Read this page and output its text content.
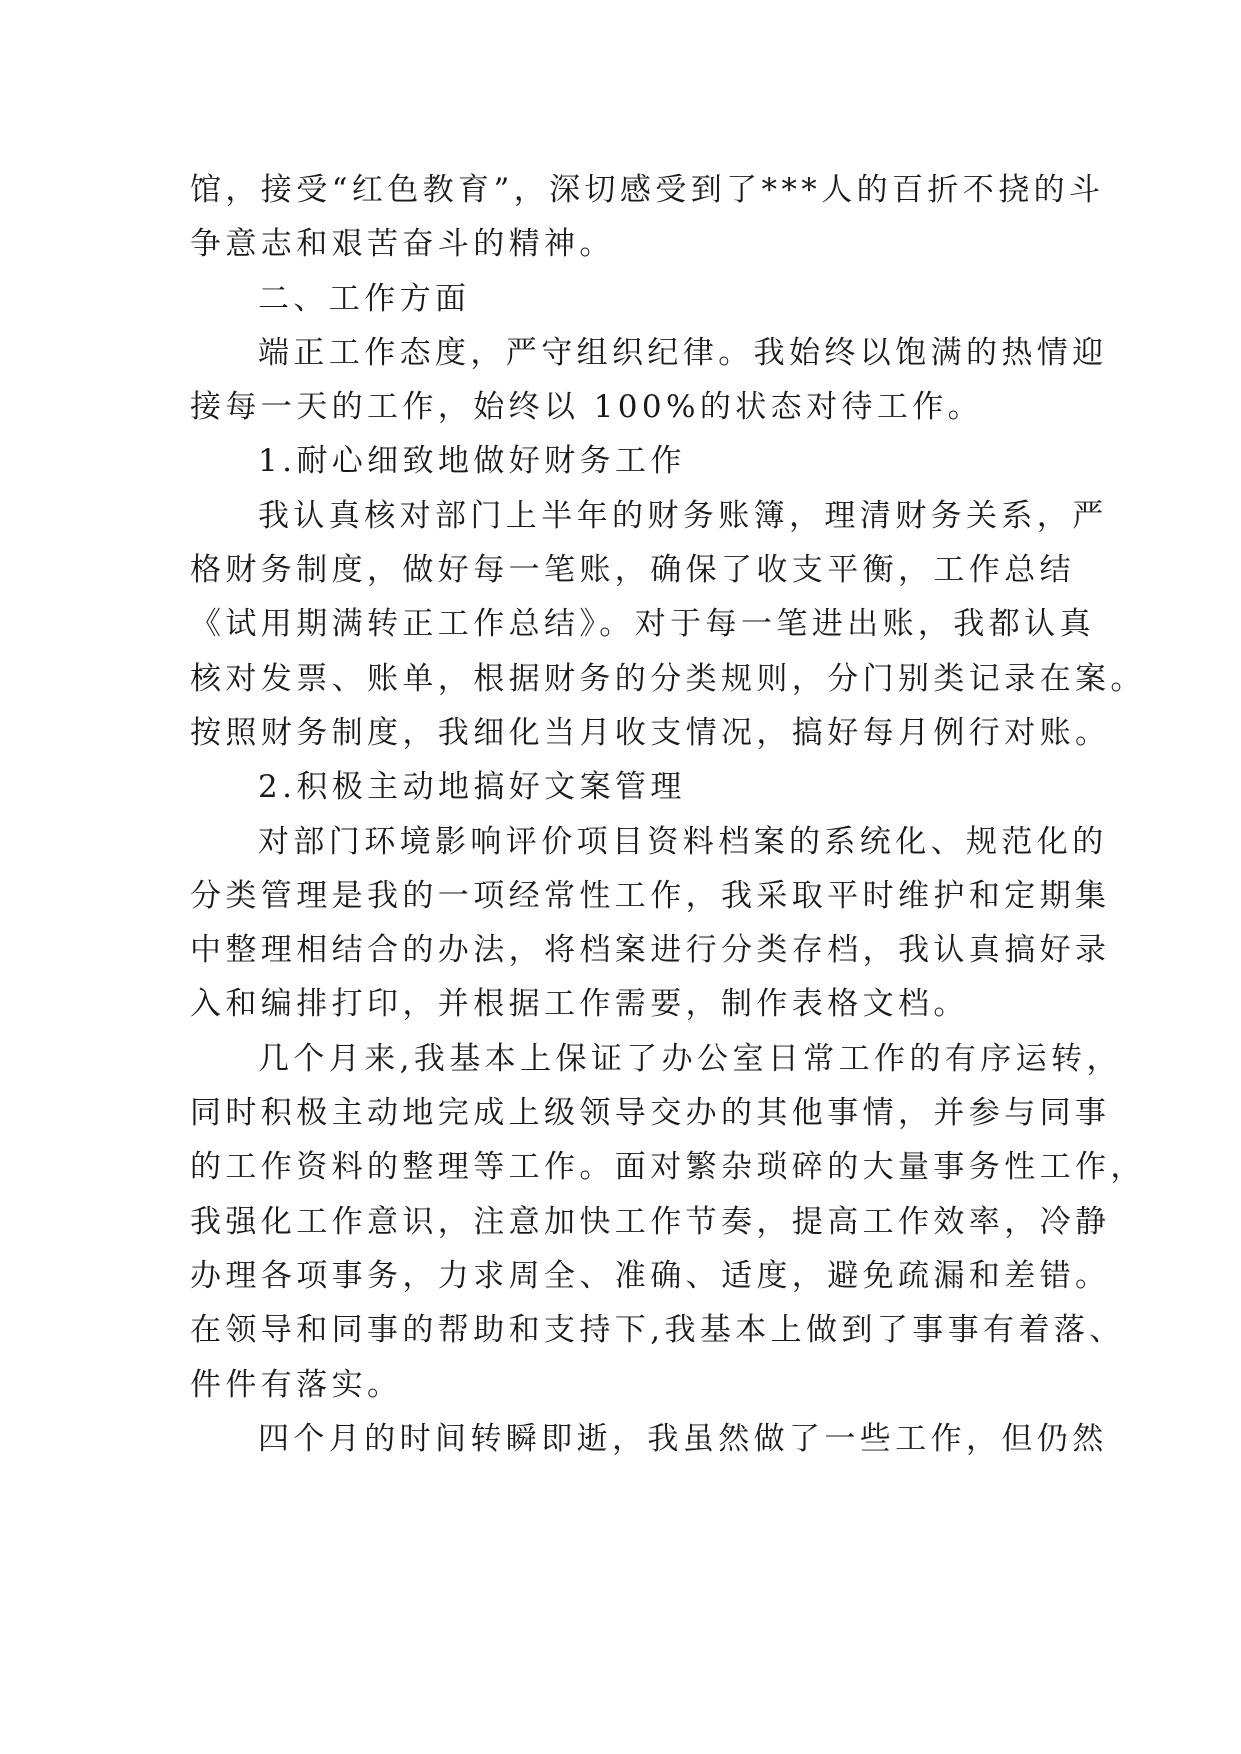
馆，接受“红色教育”，深切感受到了***人的百折不挠的斗
争意志和艰苦奋斗的精神。
二、工作方面
端正工作态度，严守组织纪律。我始终以饱满的热情迎
接每一天的工作，始终以 100%的状态对待工作。
1.耐心细致地做好财务工作
我认真核对部门上半年的财务账簿，理清财务关系，严
格财务制度，做好每一笔账，确保了收支平衡，工作总结
《试用期满转正工作总结》。对于每一笔进出账，我都认真
核对发票、账单，根据财务的分类规则，分门别类记录在案。
按照财务制度，我细化当月收支情况，搞好每月例行对账。
2.积极主动地搞好文案管理
对部门环境影响评价项目资料档案的系统化、规范化的
分类管理是我的一项经常性工作，我采取平时维护和定期集
中整理相结合的办法，将档案进行分类存档，我认真搞好录
入和编排打印，并根据工作需要，制作表格文档。
几个月来,我基本上保证了办公室日常工作的有序运转，
同时积极主动地完成上级领导交办的其他事情，并参与同事
的工作资料的整理等工作。面对繁杂琐碎的大量事务性工作，
我强化工作意识，注意加快工作节奏，提高工作效率，冷静
办理各项事务，力求周全、准确、适度，避免疏漏和差错。
在领导和同事的帮助和支持下,我基本上做到了事事有着落、
件件有落实。
四个月的时间转瞬即逝，我虽然做了一些工作，但仍然
